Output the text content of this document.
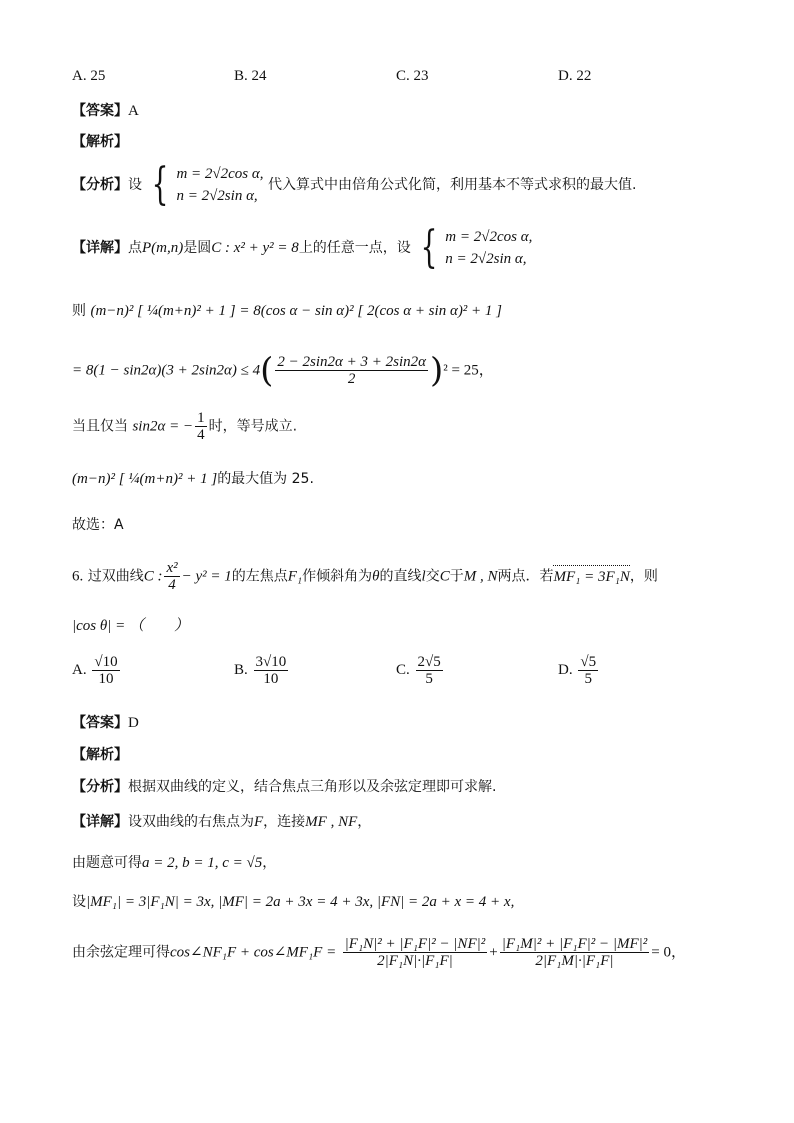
A. 25	B. 24	C. 23	D. 22
【答案】A
【解析】
【分析】设 { m = 2√2cos α,
n = 2√2sin α,
代入算式中由倍角公式化简，利用基本不等式求积的最大值.
【详解】点P(m,n)是圆C : x² + y² = 8上的任意一点，设 { m = 2√2cos α,
n = 2√2sin α,
则 (m−n)² [ ¼(m+n)² + 1 ] = 8(cos α − sin α)² [ 2(cos α + sin α)² + 1 ]
= $8(1 - \sin 2\alpha)(3 + 2\sin 2\alpha) \le 4( \frac{2 - 2\sin 2\alpha + 3 + 2\sin 2\alpha}{2} )^2 = 25$，
当且仅当 sin2α = − $\frac{1}{4}$ 时，等号成立.
(m−n)² [ ¼(m+n)² + 1 ]的最大值为 25.
故选：A
6. 过双曲线C : $\frac{\text{x²}}{4} - y^2 = 1$的左焦点F₁作倾斜角为θ的直线l交C于M , N两点．若MF₁ = 3F₁N，则
|cos θ| = （　　）
A. $\frac{√10}{10}$	B. $\frac{3√10}{10}$	C. $\frac{2√5}{5}$	D. $\frac{√5}{5}$
【答案】D
【解析】
【分析】根据双曲线的定义，结合焦点三角形以及余弦定理即可求解.
【详解】设双曲线的右焦点为F，连接MF , NF，
由题意可得a = 2, b = 1, c = √5，
设|MF₁| = 3|F₁N| = 3x, |MF| = 2a + 3x = 4 + 3x, |FN| = 2a + x = 4 + x,
由余弦定理可得cos∠NF₁F + cos∠MF₁F = $\frac{\text{|F₁N|² + |F₁F|² − |NF|²}}{\text{2|F₁N|·|F₁F|}} + \frac{\text{|F₁M|² + |F₁F|² − |MF|²}}{\text{2|F₁M|·|F₁F|}} = 0$，
